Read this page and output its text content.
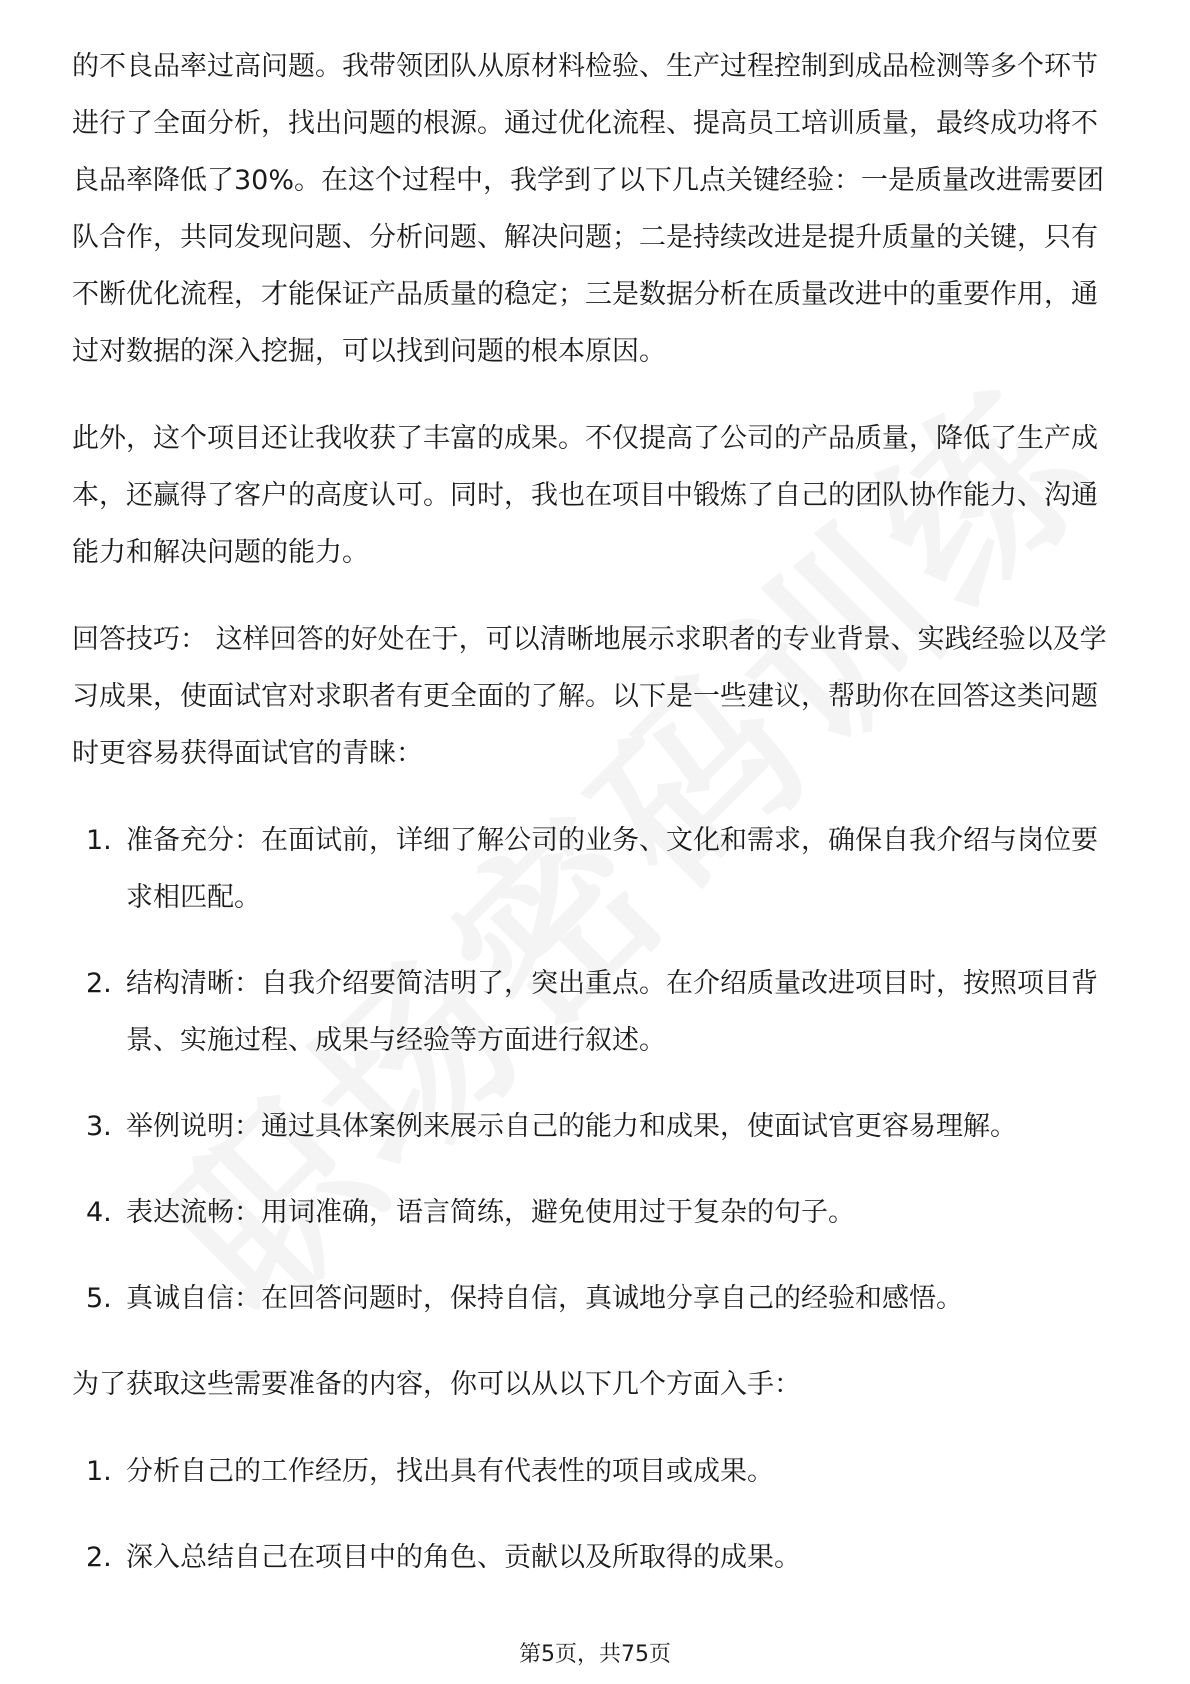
的不良品率过高问题。我带领团队从原材料检验、生产过程控制到成品检测等多个环节进行了全面分析，找出问题的根源。通过优化流程、提高员工培训质量，最终成功将不良品率降低了30%。在这个过程中，我学到了以下几点关键经验：一是质量改进需要团队合作，共同发现问题、分析问题、解决问题；二是持续改进是提升质量的关键，只有不断优化流程，才能保证产品质量的稳定；三是数据分析在质量改进中的重要作用，通过对数据的深入挖掘，可以找到问题的根本原因。

此外，这个项目还让我收获了丰富的成果。不仅提高了公司的产品质量，降低了生产成本，还赢得了客户的高度认可。同时，我也在项目中锻炼了自己的团队协作能力、沟通能力和解决问题的能力。

回答技巧： 这样回答的好处在于，可以清晰地展示求职者的专业背景、实践经验以及学习成果，使面试官对求职者有更全面的了解。以下是一些建议，帮助你在回答这类问题时更容易获得面试官的青睐：

1. 准备充分：在面试前，详细了解公司的业务、文化和需求，确保自我介绍与岗位要求相匹配。
2. 结构清晰：自我介绍要简洁明了，突出重点。在介绍质量改进项目时，按照项目背景、实施过程、成果与经验等方面进行叙述。
3. 举例说明：通过具体案例来展示自己的能力和成果，使面试官更容易理解。
4. 表达流畅：用词准确，语言简练，避免使用过于复杂的句子。
5. 真诚自信：在回答问题时，保持自信，真诚地分享自己的经验和感悟。

为了获取这些需要准备的内容，你可以从以下几个方面入手：

1. 分析自己的工作经历，找出具有代表性的项目或成果。
2. 深入总结自己在项目中的角色、贡献以及所取得的成果。
第5页，共75页
